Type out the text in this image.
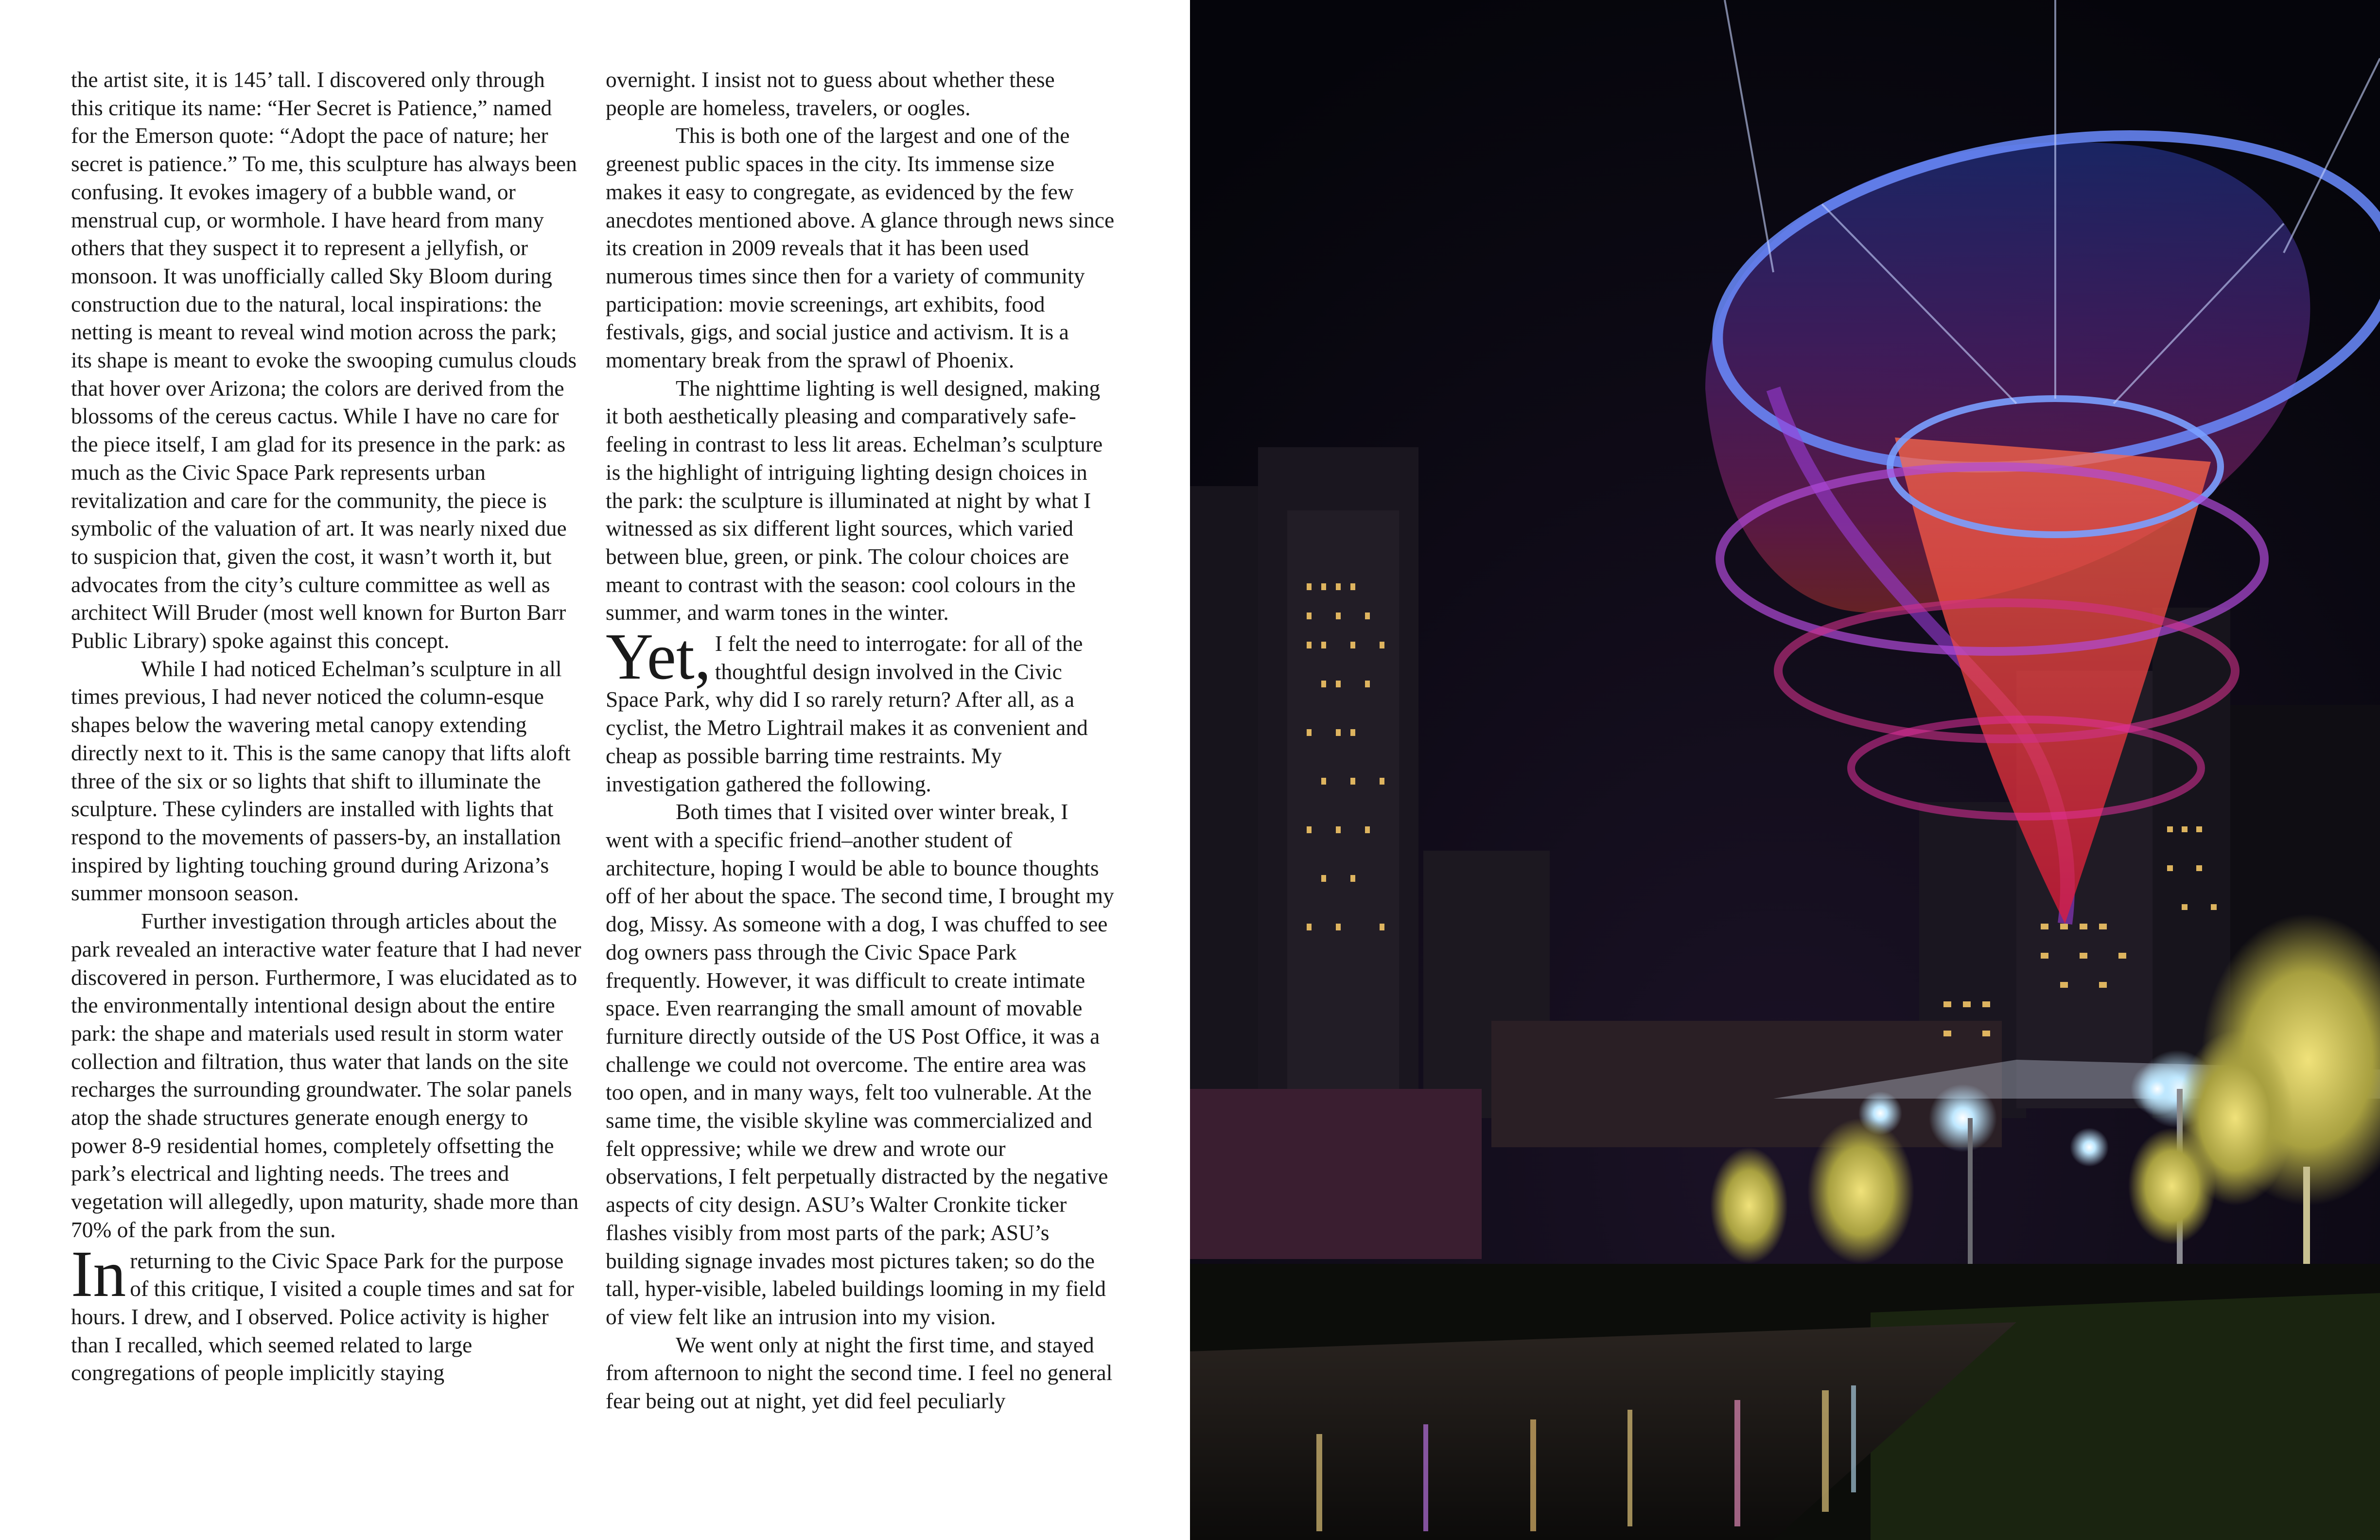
the artist site, it is 145’ tall. I discovered only through this critique its name: “Her Secret is Patience,” named for the Emerson quote: “Adopt the pace of nature; her secret is patience.” To me, this sculpture has always been confusing. It evokes imagery of a bubble wand, or menstrual cup, or wormhole. I have heard from many others that they suspect it to represent a jellyfish, or monsoon. It was unofficially called Sky Bloom during construction due to the natural, local inspirations: the netting is meant to reveal wind motion across the park; its shape is meant to evoke the swooping cumulus clouds that hover over Arizona; the colors are derived from the blossoms of the cereus cactus. While I have no care for the piece itself, I am glad for its presence in the park: as much as the Civic Space Park represents urban revitalization and care for the community, the piece is symbolic of the valuation of art. It was nearly nixed due to suspicion that, given the cost, it wasn’t worth it, but advocates from the city’s culture committee as well as architect Will Bruder (most well known for Burton Barr Public Library) spoke against this concept.

While I had noticed Echelman’s sculpture in all times previous, I had never noticed the column-esque shapes below the wavering metal canopy extending directly next to it. This is the same canopy that lifts aloft three of the six or so lights that shift to illuminate the sculpture. These cylinders are installed with lights that respond to the movements of passers-by, an installation inspired by lighting touching ground during Arizona’s summer monsoon season.

Further investigation through articles about the park revealed an interactive water feature that I had never discovered in person. Furthermore, I was elucidated as to the environmentally intentional design about the entire park: the shape and materials used result in storm water collection and filtration, thus water that lands on the site recharges the surrounding groundwater. The solar panels atop the shade structures generate enough energy to power 8-9 residential homes, completely offsetting the park’s electrical and lighting needs. The trees and vegetation will allegedly, upon maturity, shade more than 70% of the park from the sun.

In returning to the Civic Space Park for the purpose of this critique, I visited a couple times and sat for hours. I drew, and I observed. Police activity is higher than I recalled, which seemed related to large congregations of people implicitly staying

overnight. I insist not to guess about whether these people are homeless, travelers, or oogles.

This is both one of the largest and one of the greenest public spaces in the city. Its immense size makes it easy to congregate, as evidenced by the few anecdotes mentioned above. A glance through news since its creation in 2009 reveals that it has been used numerous times since then for a variety of community participation: movie screenings, art exhibits, food festivals, gigs, and social justice and activism. It is a momentary break from the sprawl of Phoenix.

The nighttime lighting is well designed, making it both aesthetically pleasing and comparatively safe-feeling in contrast to less lit areas. Echelman’s sculpture is the highlight of intriguing lighting design choices in the park: the sculpture is illuminated at night by what I witnessed as six different light sources, which varied between blue, green, or pink. The colour choices are meant to contrast with the season: cool colours in the summer, and warm tones in the winter.

Yet, I felt the need to interrogate: for all of the thoughtful design involved in the Civic Space Park, why did I so rarely return? After all, as a cyclist, the Metro Lightrail makes it as convenient and cheap as possible barring time restraints. My investigation gathered the following.

Both times that I visited over winter break, I went with a specific friend–another student of architecture, hoping I would be able to bounce thoughts off of her about the space. The second time, I brought my dog, Missy. As someone with a dog, I was chuffed to see dog owners pass through the Civic Space Park frequently. However, it was difficult to create intimate space. Even rearranging the small amount of movable furniture directly outside of the US Post Office, it was a challenge we could not overcome. The entire area was too open, and in many ways, felt too vulnerable. At the same time, the visible skyline was commercialized and felt oppressive; while we drew and wrote our observations, I felt perpetually distracted by the negative aspects of city design. ASU’s Walter Cronkite ticker flashes visibly from most parts of the park; ASU’s building signage invades most pictures taken; so do the tall, hyper-visible, labeled buildings looming in my field of view felt like an intrusion into my vision.

We went only at night the first time, and stayed from afternoon to night the second time. I feel no general fear being out at night, yet did feel peculiarly
